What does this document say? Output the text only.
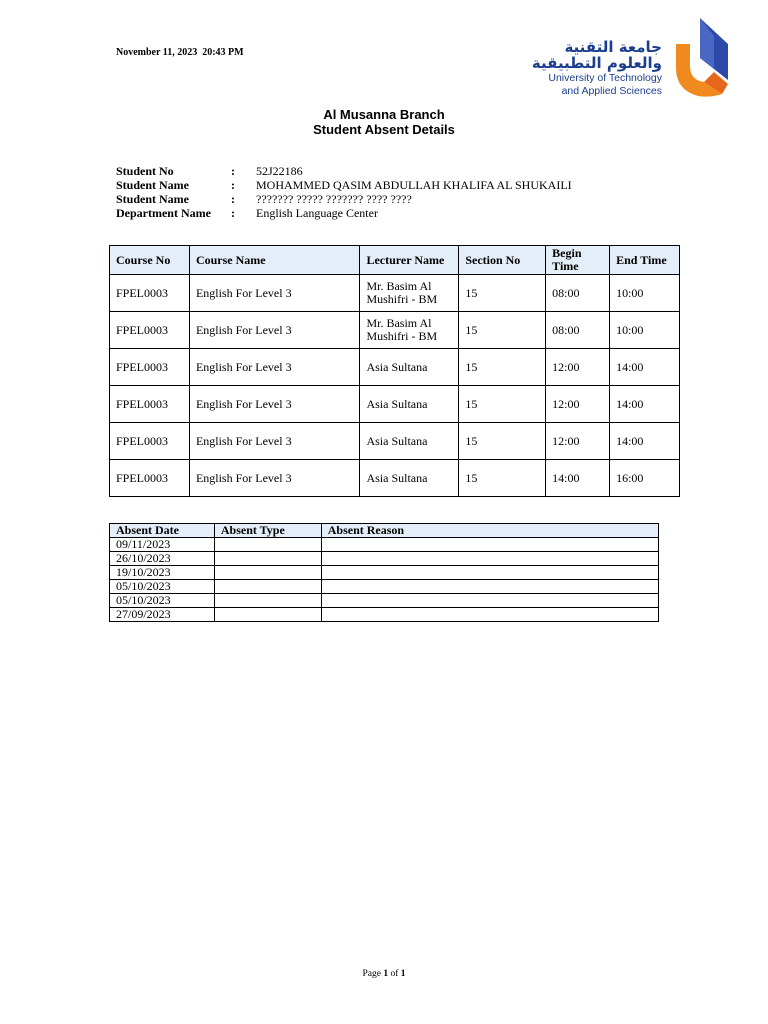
November 11, 2023  20:43 PM	جامعة التقنية
والعلوم التطبيقية
University of Technology
and Applied Sciences
Al Musanna Branch
Student Absent Details
Student No	:	52J22186
Student Name	:	MOHAMMED QASIM ABDULLAH KHALIFA AL SHUKAILI
Student Name	:	??????? ????? ??????? ???? ????
Department Name	:	English Language Center
Course No	Course Name	Lecturer Name	Section No	Begin Time	End Time
FPEL0003	English For Level 3	Mr. Basim Al Mushifri - BM	15	08:00	10:00
FPEL0003	English For Level 3	Mr. Basim Al Mushifri - BM	15	08:00	10:00
FPEL0003	English For Level 3	Asia Sultana	15	12:00	14:00
FPEL0003	English For Level 3	Asia Sultana	15	12:00	14:00
FPEL0003	English For Level 3	Asia Sultana	15	12:00	14:00
FPEL0003	English For Level 3	Asia Sultana	15	14:00	16:00
Absent Date	Absent Type	Absent Reason
09/11/2023		
26/10/2023		
19/10/2023		
05/10/2023		
05/10/2023		
27/09/2023		
Page 1 of 1
